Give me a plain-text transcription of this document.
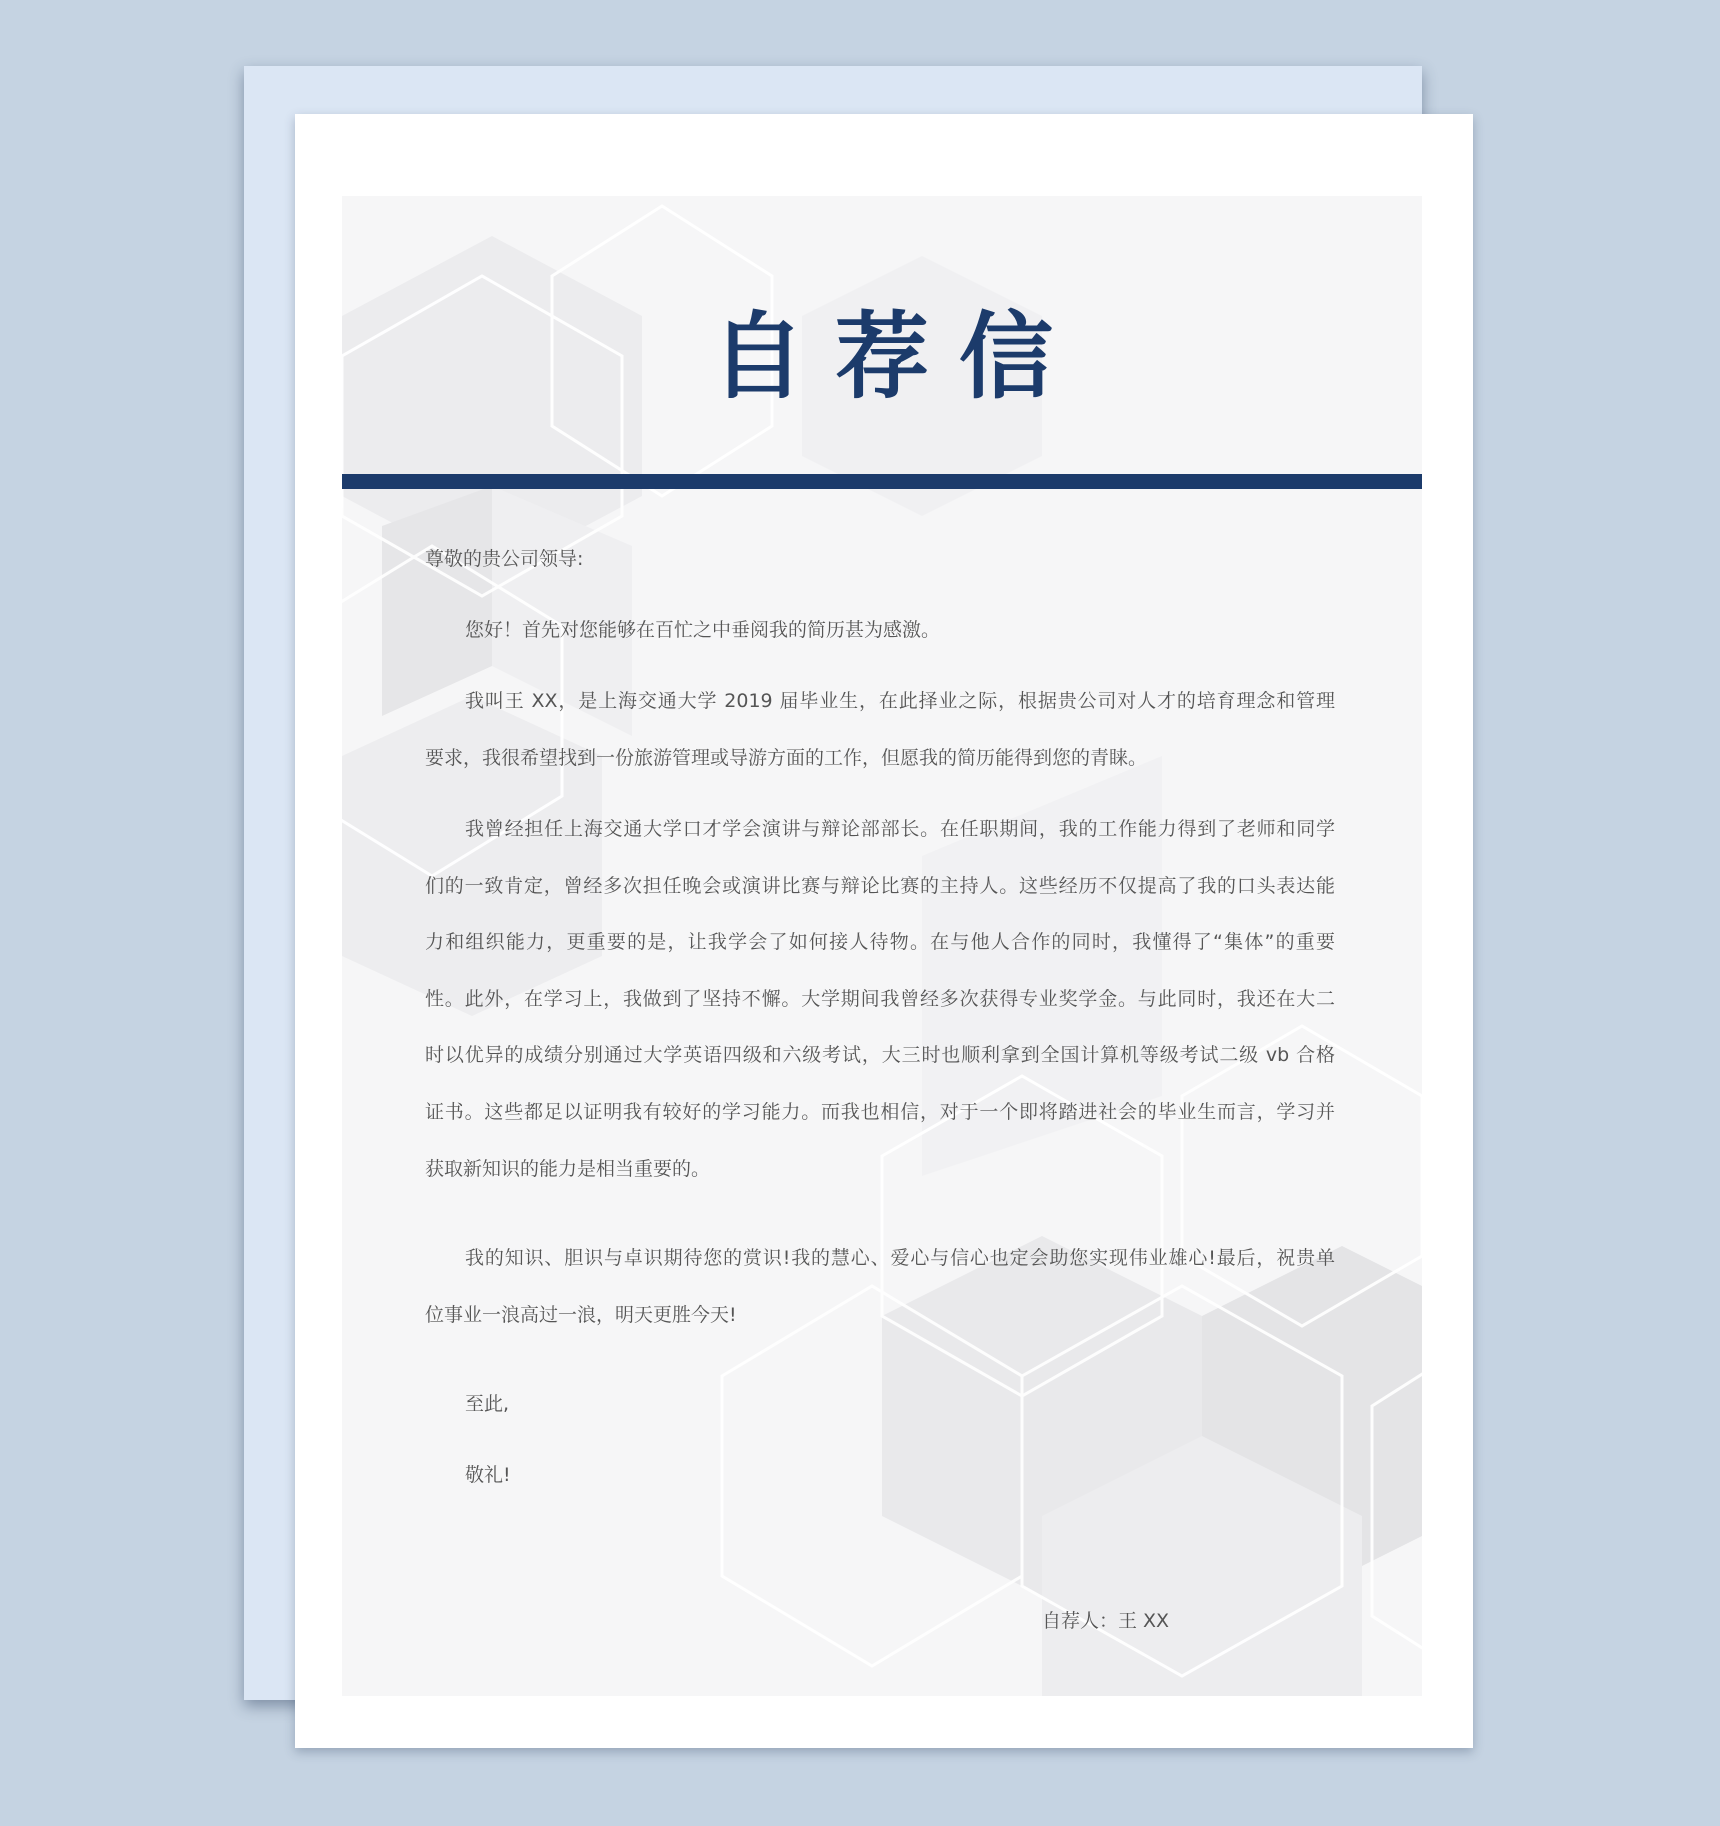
自荐信
尊敬的贵公司领导:
您好！首先对您能够在百忙之中垂阅我的简历甚为感激。
我叫王 XX，是上海交通大学 2019 届毕业生，在此择业之际，根据贵公司对人才的培育理念和管理
要求，我很希望找到一份旅游管理或导游方面的工作，但愿我的简历能得到您的青睐。
我曾经担任上海交通大学口才学会演讲与辩论部部长。在任职期间，我的工作能力得到了老师和同学
们的一致肯定，曾经多次担任晚会或演讲比赛与辩论比赛的主持人。这些经历不仅提高了我的口头表达能
力和组织能力，更重要的是，让我学会了如何接人待物。在与他人合作的同时，我懂得了“集体”的重要
性。此外，在学习上，我做到了坚持不懈。大学期间我曾经多次获得专业奖学金。与此同时，我还在大二
时以优异的成绩分别通过大学英语四级和六级考试，大三时也顺利拿到全国计算机等级考试二级 vb 合格
证书。这些都足以证明我有较好的学习能力。而我也相信，对于一个即将踏进社会的毕业生而言，学习并
获取新知识的能力是相当重要的。
我的知识、胆识与卓识期待您的赏识!我的慧心、爱心与信心也定会助您实现伟业雄心!最后，祝贵单
位事业一浪高过一浪，明天更胜今天!
至此,
敬礼!
自荐人：王 XX
